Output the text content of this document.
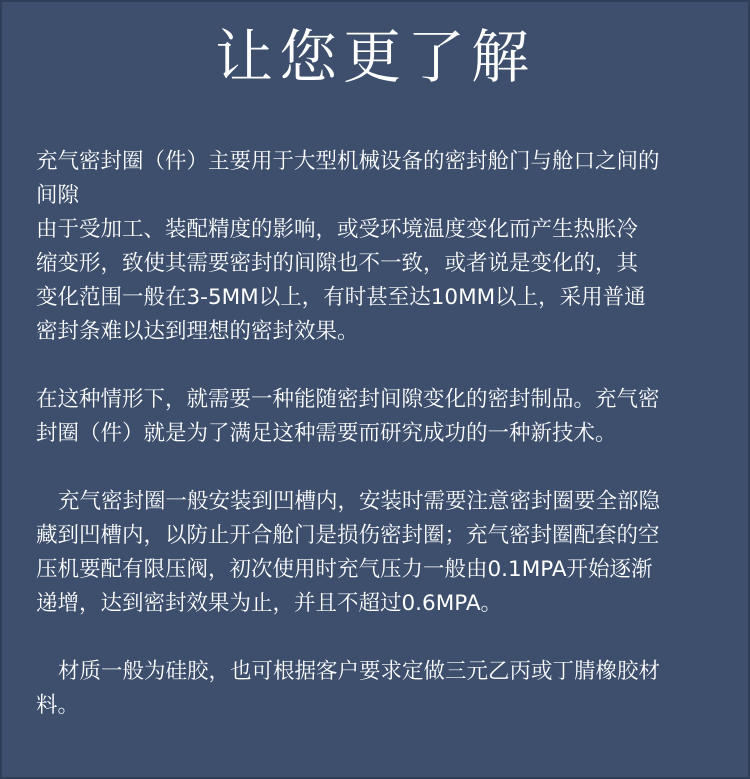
让您更了解
充气密封圈（件）主要用于大型机械设备的密封舱门与舱口之间的
间隙
由于受加工、装配精度的影响，或受环境温度变化而产生热胀冷
缩变形，致使其需要密封的间隙也不一致，或者说是变化的，其
变化范围一般在3-5MM以上，有时甚至达10MM以上，采用普通
密封条难以达到理想的密封效果。
在这种情形下，就需要一种能随密封间隙变化的密封制品。充气密
封圈（件）就是为了满足这种需要而研究成功的一种新技术。
充气密封圈一般安装到凹槽内，安装时需要注意密封圈要全部隐
藏到凹槽内，以防止开合舱门是损伤密封圈；充气密封圈配套的空
压机要配有限压阀，初次使用时充气压力一般由0.1MPA开始逐渐
递增，达到密封效果为止，并且不超过0.6MPA。
材质一般为硅胶，也可根据客户要求定做三元乙丙或丁腈橡胶材
料。
